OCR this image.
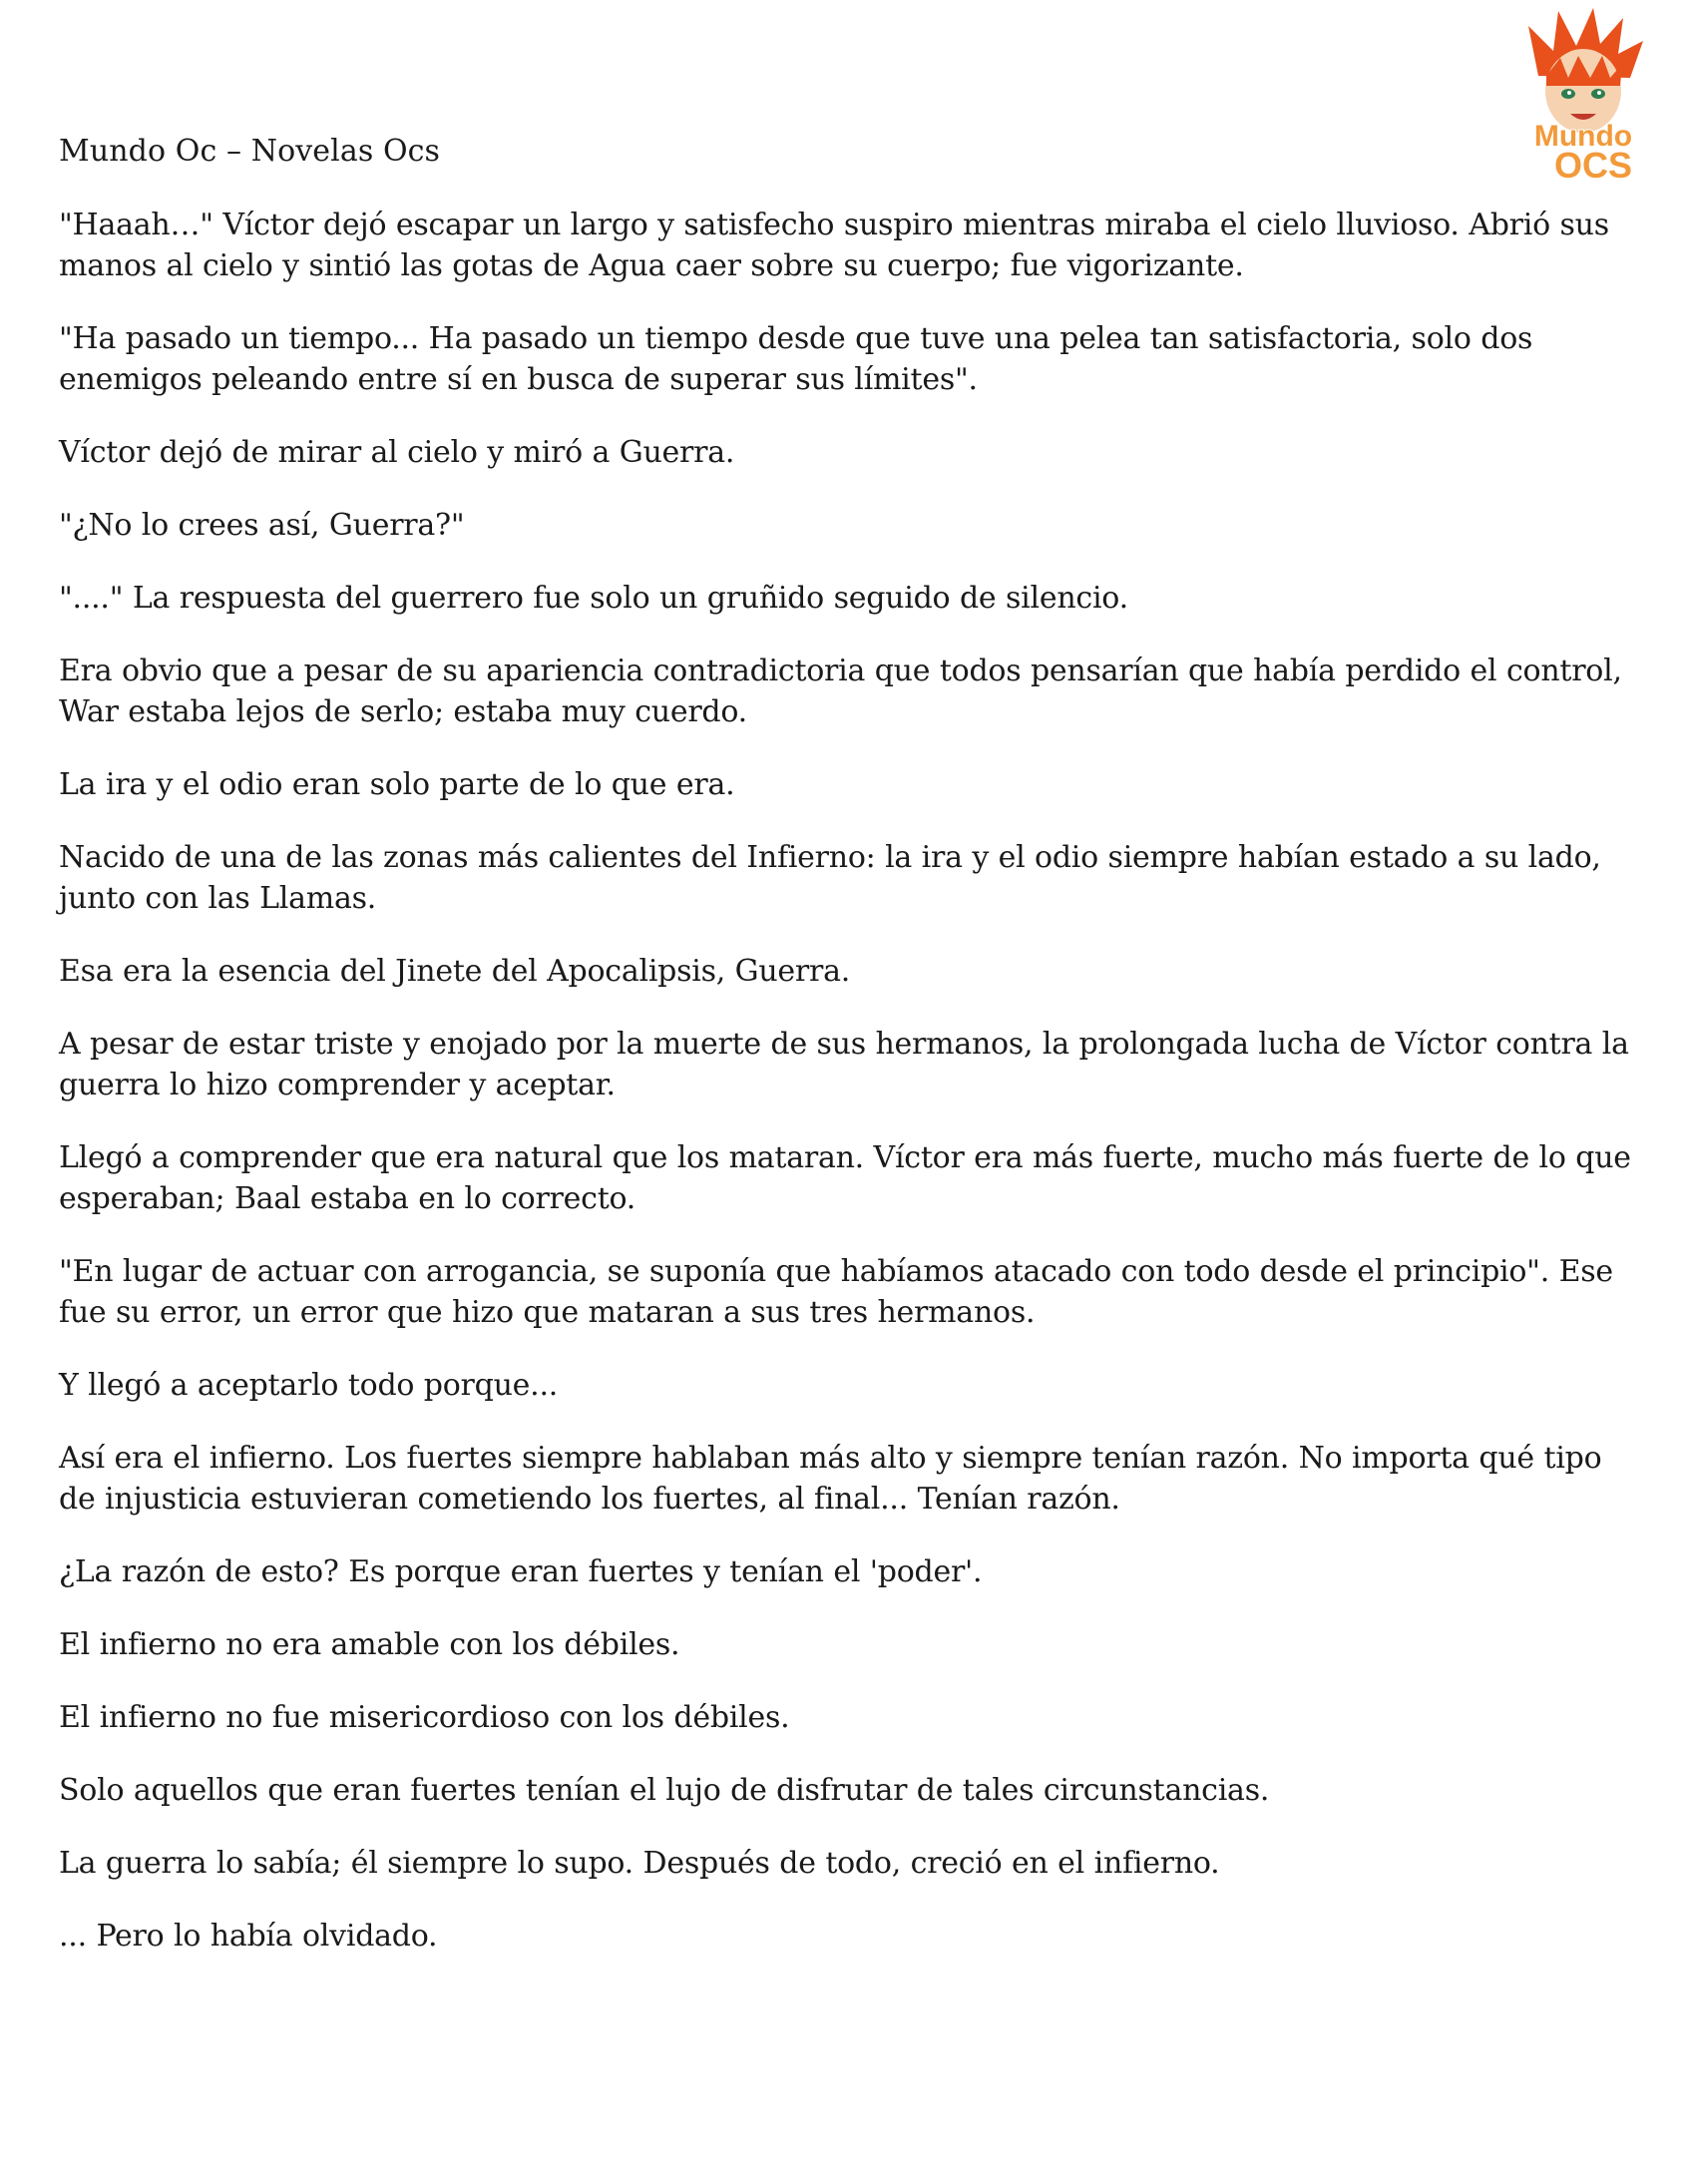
Mundo
OCS
Mundo Oc – Novelas Ocs

"Haaah…" Víctor dejó escapar un largo y satisfecho suspiro mientras miraba el cielo lluvioso. Abrió sus manos al cielo y sintió las gotas de Agua caer sobre su cuerpo; fue vigorizante.

"Ha pasado un tiempo... Ha pasado un tiempo desde que tuve una pelea tan satisfactoria, solo dos enemigos peleando entre sí en busca de superar sus límites".

Víctor dejó de mirar al cielo y miró a Guerra.

"¿No lo crees así, Guerra?"

"...." La respuesta del guerrero fue solo un gruñido seguido de silencio.

Era obvio que a pesar de su apariencia contradictoria que todos pensarían que había perdido el control, War estaba lejos de serlo; estaba muy cuerdo.

La ira y el odio eran solo parte de lo que era.

Nacido de una de las zonas más calientes del Infierno: la ira y el odio siempre habían estado a su lado, junto con las Llamas.

Esa era la esencia del Jinete del Apocalipsis, Guerra.

A pesar de estar triste y enojado por la muerte de sus hermanos, la prolongada lucha de Víctor contra la guerra lo hizo comprender y aceptar.

Llegó a comprender que era natural que los mataran. Víctor era más fuerte, mucho más fuerte de lo que esperaban; Baal estaba en lo correcto.

"En lugar de actuar con arrogancia, se suponía que habíamos atacado con todo desde el principio". Ese fue su error, un error que hizo que mataran a sus tres hermanos.

Y llegó a aceptarlo todo porque...

Así era el infierno. Los fuertes siempre hablaban más alto y siempre tenían razón. No importa qué tipo de injusticia estuvieran cometiendo los fuertes, al final... Tenían razón.

¿La razón de esto? Es porque eran fuertes y tenían el 'poder'.

El infierno no era amable con los débiles.

El infierno no fue misericordioso con los débiles.

Solo aquellos que eran fuertes tenían el lujo de disfrutar de tales circunstancias.

La guerra lo sabía; él siempre lo supo. Después de todo, creció en el infierno.

... Pero lo había olvidado.
